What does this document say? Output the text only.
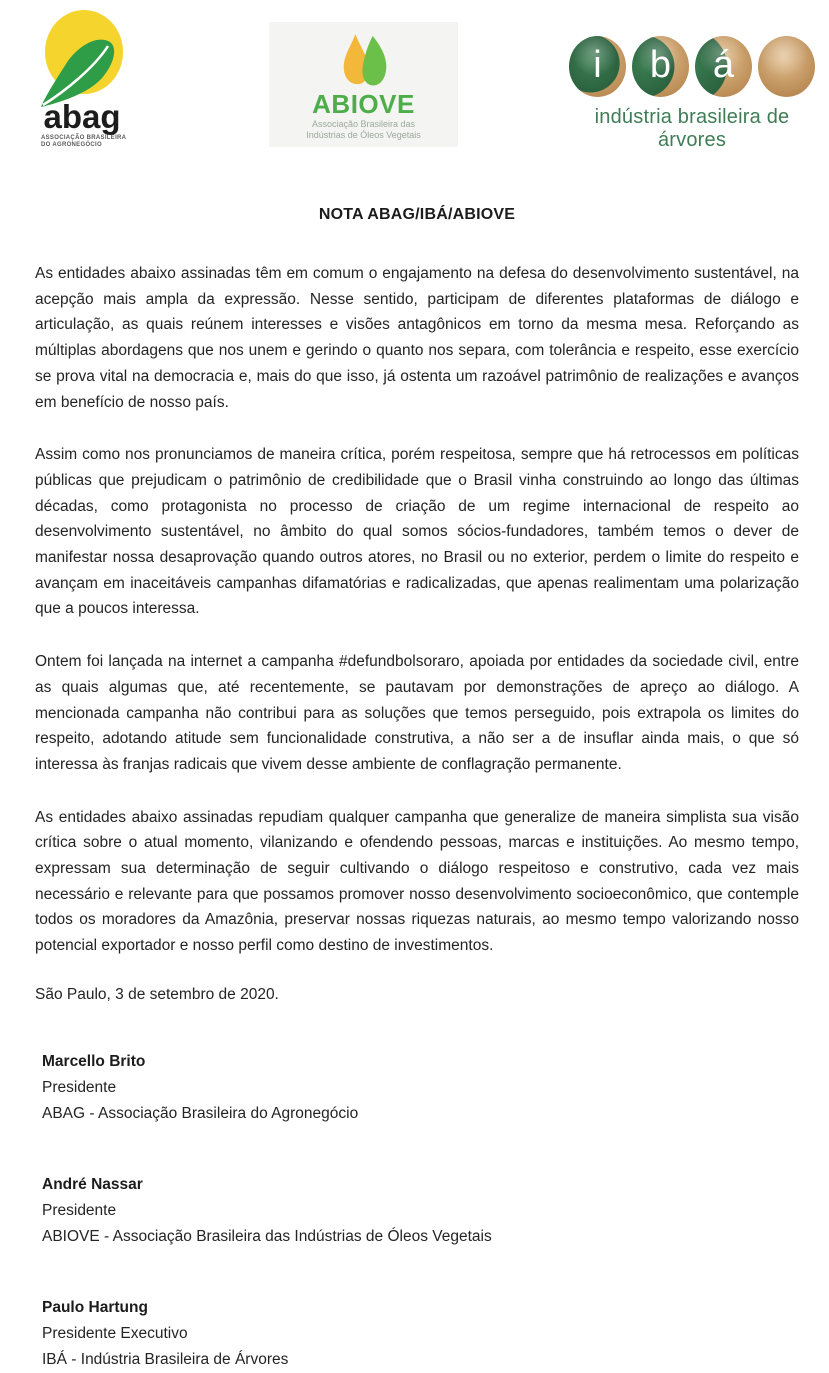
abag
ASSOCIAÇÃO BRASILEIRA
DO AGRONEGÓCIO
ABIOVE
Associação Brasileira das
Indústrias de Óleos Vegetais
i b á
indústria brasileira de árvores
NOTA ABAG/IBÁ/ABIOVE

As entidades abaixo assinadas têm em comum o engajamento na defesa do desenvolvimento sustentável, na acepção mais ampla da expressão. Nesse sentido, participam de diferentes plataformas de diálogo e articulação, as quais reúnem interesses e visões antagônicos em torno da mesma mesa. Reforçando as múltiplas abordagens que nos unem e gerindo o quanto nos separa, com tolerância e respeito, esse exercício se prova vital na democracia e, mais do que isso, já ostenta um razoável patrimônio de realizações e avanços em benefício de nosso país.

Assim como nos pronunciamos de maneira crítica, porém respeitosa, sempre que há retrocessos em políticas públicas que prejudicam o patrimônio de credibilidade que o Brasil vinha construindo ao longo das últimas décadas, como protagonista no processo de criação de um regime internacional de respeito ao desenvolvimento sustentável, no âmbito do qual somos sócios-fundadores, também temos o dever de manifestar nossa desaprovação quando outros atores, no Brasil ou no exterior, perdem o limite do respeito e avançam em inaceitáveis campanhas difamatórias e radicalizadas, que apenas realimentam uma polarização que a poucos interessa.

Ontem foi lançada na internet a campanha #defundbolsoraro, apoiada por entidades da sociedade civil, entre as quais algumas que, até recentemente, se pautavam por demonstrações de apreço ao diálogo. A mencionada campanha não contribui para as soluções que temos perseguido, pois extrapola os limites do respeito, adotando atitude sem funcionalidade construtiva, a não ser a de insuflar ainda mais, o que só interessa às franjas radicais que vivem desse ambiente de conflagração permanente.

As entidades abaixo assinadas repudiam qualquer campanha que generalize de maneira simplista sua visão crítica sobre o atual momento, vilanizando e ofendendo pessoas, marcas e instituições. Ao mesmo tempo, expressam sua determinação de seguir cultivando o diálogo respeitoso e construtivo, cada vez mais necessário e relevante para que possamos promover nosso desenvolvimento socioeconômico, que contemple todos os moradores da Amazônia, preservar nossas riquezas naturais, ao mesmo tempo valorizando nosso potencial exportador e nosso perfil como destino de investimentos.

São Paulo, 3 de setembro de 2020.

Marcello Brito
Presidente
ABAG - Associação Brasileira do Agronegócio
André Nassar
Presidente
ABIOVE - Associação Brasileira das Indústrias de Óleos Vegetais
Paulo Hartung
Presidente Executivo
IBÁ - Indústria Brasileira de Árvores
